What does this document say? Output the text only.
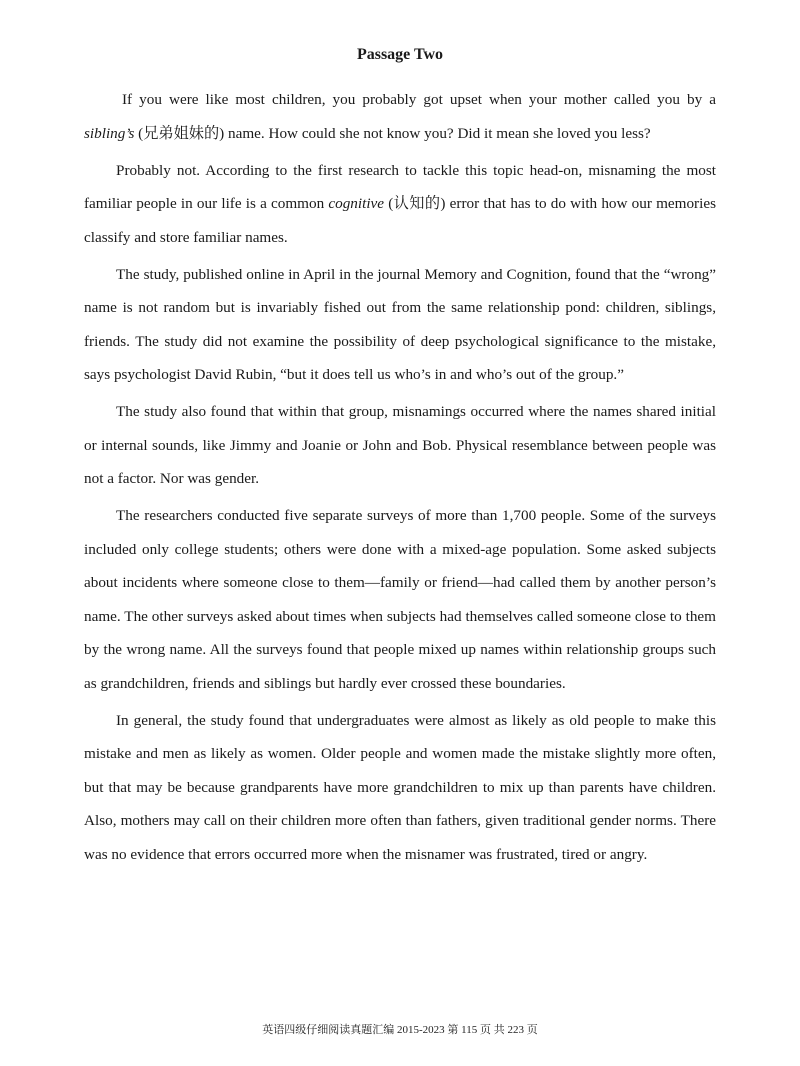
Passage Two

If you were like most children, you probably got upset when your mother called you by a sibling’s (兄弟姐妹的) name. How could she not know you? Did it mean she loved you less?

Probably not. According to the first research to tackle this topic head-on, misnaming the most familiar people in our life is a common cognitive (认知的) error that has to do with how our memories classify and store familiar names.

The study, published online in April in the journal Memory and Cognition, found that the “wrong” name is not random but is invariably fished out from the same relationship pond: children, siblings, friends. The study did not examine the possibility of deep psychological significance to the mistake, says psychologist David Rubin, “but it does tell us who’s in and who’s out of the group.”

The study also found that within that group, misnamings occurred where the names shared initial or internal sounds, like Jimmy and Joanie or John and Bob. Physical resemblance between people was not a factor. Nor was gender.

The researchers conducted five separate surveys of more than 1,700 people. Some of the surveys included only college students; others were done with a mixed-age population. Some asked subjects about incidents where someone close to them—family or friend—had called them by another person’s name. The other surveys asked about times when subjects had themselves called someone close to them by the wrong name. All the surveys found that people mixed up names within relationship groups such as grandchildren, friends and siblings but hardly ever crossed these boundaries.

In general, the study found that undergraduates were almost as likely as old people to make this mistake and men as likely as women. Older people and women made the mistake slightly more often, but that may be because grandparents have more grandchildren to mix up than parents have children. Also, mothers may call on their children more often than fathers, given traditional gender norms. There was no evidence that errors occurred more when the misnamer was frustrated, tired or angry.

英语四级仔细阅读真题汇编 2015-2023 第 115 页 共 223 页
